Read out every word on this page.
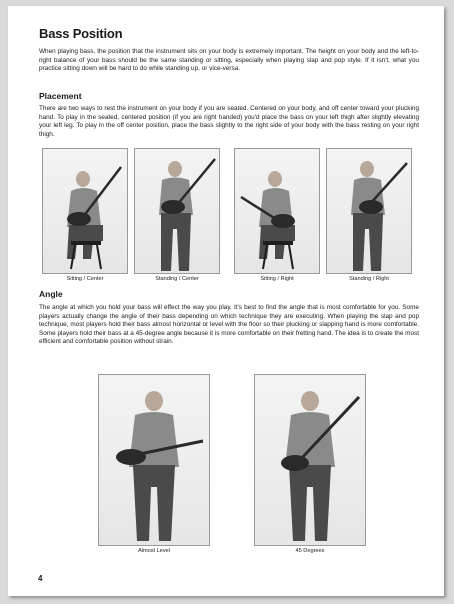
Bass Position
When playing bass, the position that the instrument sits on your body is extremely important. The height on your body and the left-to-right balance of your bass should be the same standing or sitting, especially when playing slap and pop style. If it isn't, what you practice sitting down will be hard to do while standing up, or vice-versa.
Placement
There are two ways to rest the instrument on your body if you are seated. Centered on your body, and off center toward your plucking hand. To play in the seated, centered position (if you are right handed) you'd place the bass on your left thigh after slightly elevating your left leg. To play in the off center position, place the bass slightly to the right side of your body with the bass resting on your right thigh.
Sitting / Center	Standing / Center	Sitting / Right	Standing / Right
Angle
The angle at which you hold your bass will effect the way you play. It's best to find the angle that is most comfortable for you. Some players actually change the angle of their bass depending on which technique they are executing. When playing the slap and pop technique, most players hold their bass almost horizontal or level with the floor so their plucking or slapping hand is more comfortable. Some players hold their bass at a 45-degree angle because it is more comfortable on their fretting hand. The idea is to create the most efficient and comfortable position without strain.
Almost Level	45 Degrees
4
